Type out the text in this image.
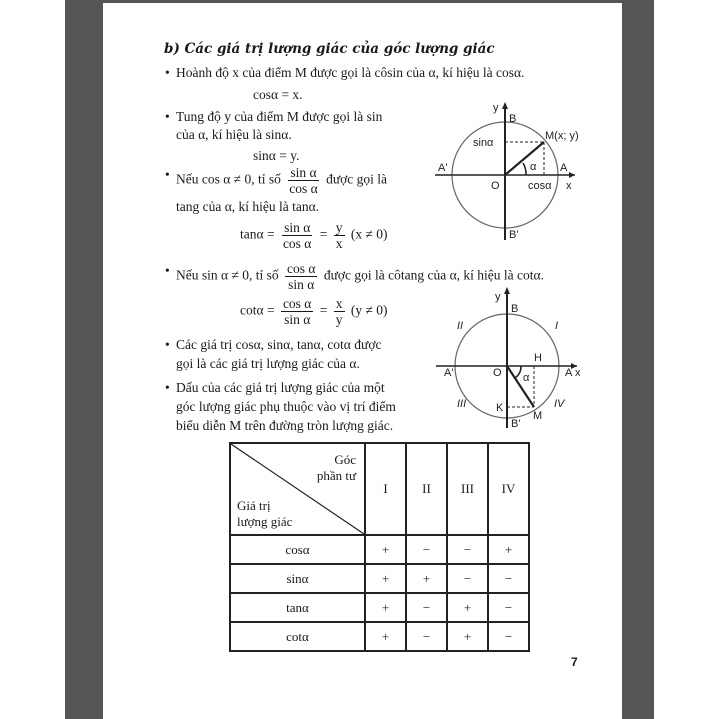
b) Các giá trị lượng giác của góc lượng giác
• Hoành độ x của điểm M được gọi là côsin của α, kí hiệu là cosα.
cosα = x.
• Tung độ y của điểm M được gọi là sin
của α, kí hiệu là sinα.
sinα = y.
• Nếu cos α ≠ 0, tỉ số $\frac{\text{sin α}}{\text{cos α}}$ được gọi là
tang của α, kí hiệu là tanα.
$\tan\alpha = \frac{\text{sin α}}{\text{cos α}} = \frac{y}{x} (x \ne 0)$
• Nếu sin α ≠ 0, tỉ số $\frac{\text{cos α}}{\text{sin α}}$ được gọi là côtang của α, kí hiệu là cotα.
$\cot\alpha = \frac{\text{cos α}}{\text{sin α}} = \frac{x}{y} (y \ne 0)$
• Các giá trị cosα, sinα, tanα, cotα được
gọi là các giá trị lượng giác của α.
• Dấu của các giá trị lượng giác của một
góc lượng giác phụ thuộc vào vị trí điểm
biểu diễn M trên đường tròn lượng giác.
y
B
M(x; y)
sinα
A'	α A
O	cosα x
B'
y
B
II	I
H
A'	O α	A x
III	K	IV
M
B'
Góc
phần tư
Giá trị
lượng giác	I	II	III	IV
cosα	+	−	−	+
sinα	+	+	−	−
tanα	+	−	+	−
cotα	+	−	+	−
7
